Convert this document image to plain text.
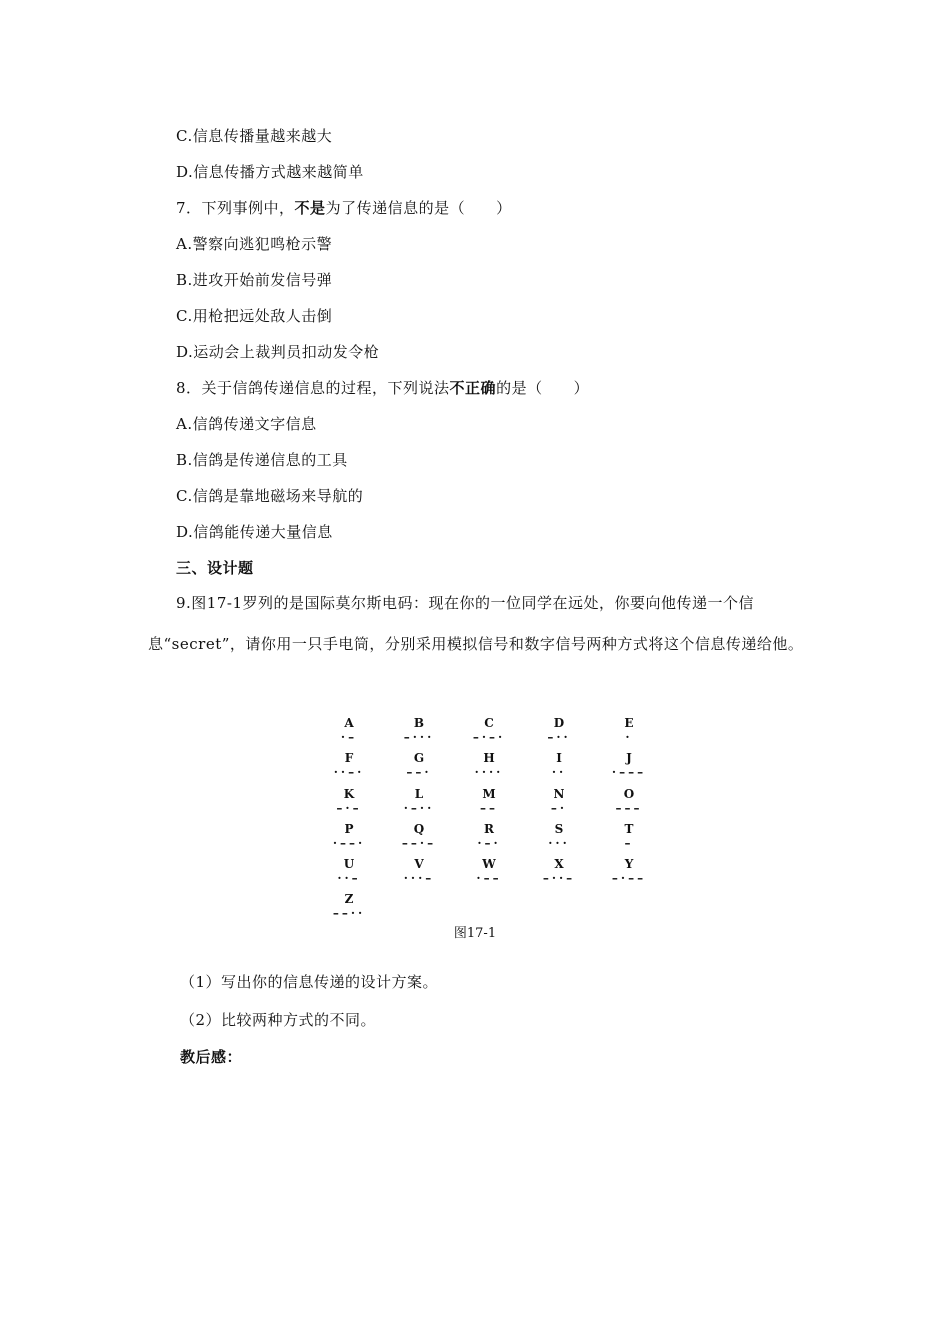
C.信息传播量越来越大
D.信息传播方式越来越简单
7．下列事例中，不是为了传递信息的是（　　）
A.警察向逃犯鸣枪示警
B.进攻开始前发信号弹
C.用枪把远处敌人击倒
D.运动会上裁判员扣动发令枪
8．关于信鸽传递信息的过程，下列说法不正确的是（　　）
A.信鸽传递文字信息
B.信鸽是传递信息的工具
C.信鸽是靠地磁场来导航的
D.信鸽能传递大量信息
三、设计题
9.图17-1罗列的是国际莫尔斯电码：现在你的一位同学在远处，你要向他传递一个信息“secret”，请你用一只手电筒，分别采用模拟信号和数字信号两种方式将这个信息传递给他。
A
·–
B
–···
C
–·–·
D
–··
E
·
F
··–·
G
––·
H
····
I
··
J
·–––
K
–·–
L
·–··
M
––
N
–·
O
–––
P
·––·
Q
––·–
R
·–·
S
···
T
–
U
··–
V
···–
W
·––
X
–··–
Y
–·––
Z
––··
图17-1
（1）写出你的信息传递的设计方案。
（2）比较两种方式的不同。
教后感：
